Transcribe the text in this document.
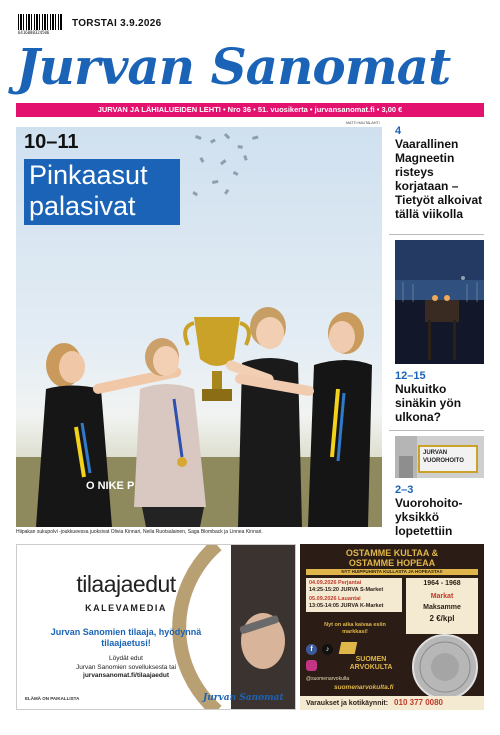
6416880324506
TORSTAI 3.9.2026
Jurvan Sanomat
JURVAN JA LÄHIALUEIDEN LEHTI • Nro 36 • 51. vuosikerta • jurvansanomat.fi • 3,00 €
MATTI HAUTALAHTI
O NIKE P
10–11
Pinkaasut palasivat
Hiipakan sukupolvi -joukkueessa juoksivat Olivia Kinnari, Neila Ruotsalainen, Saga Blomback ja Linnea Kinnari.
4
Vaarallinen Magneetin risteys korjataan – Tietyöt alkoivat tällä viikolla
12–15
Nukuitko sinäkin yön ulkona?
JURVAN VUOROHOITO
2–3
Vuorohoito-yksikkö lopetettiin
tilaajaedut
KALEVAMEDIA
Jurvan Sanomien tilaaja, hyödynnä tilaajaetusi!
Löydät edut
Jurvan Sanomien sovelluksesta tai
jurvansanomat.fi/tilaajaedut
ELÄMÄ ON PAIKALLISTA	Jurvan Sanomat
OSTAMME KULTAA &
OSTAMME HOPEAA
NYT HUIPPUHINTA KULLASTA JA HOPEASTA!!
04.09.2026 Perjantai
14:25-15:20 JURVA S-Market
05.09.2026 Lauantai
13:05-14:05 JURVA K-Market
1964 - 1968
Markat
Maksamme
2 €/kpl
Nyt on aika kaivaa esiin markkasi!
f	♪
SUOMEN
ARVOKULTA
@suomenarvokulta
suomenarvokulta.fi
Varaukset ja kotikäynnit: 010 377 0080
